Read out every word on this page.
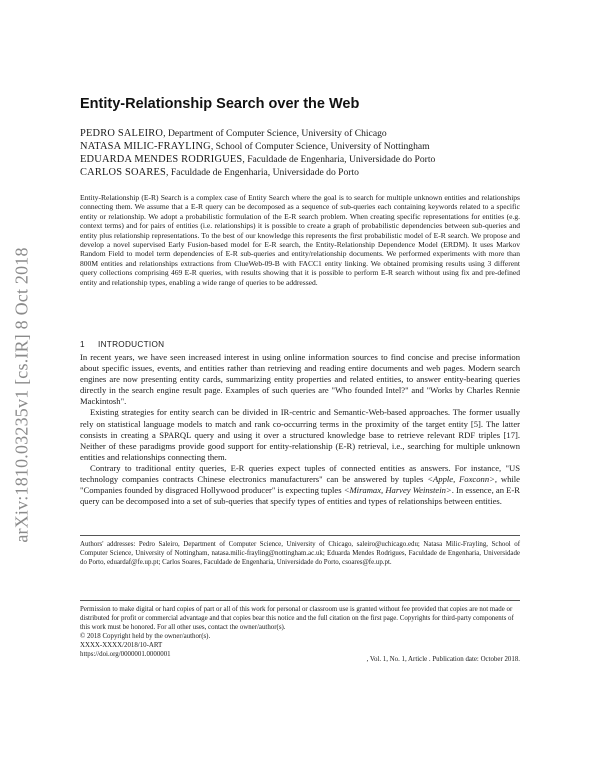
arXiv:1810.03235v1 [cs.IR] 8 Oct 2018
Entity-Relationship Search over the Web
PEDRO SALEIRO, Department of Computer Science, University of Chicago
NATASA MILIC-FRAYLING, School of Computer Science, University of Nottingham
EDUARDA MENDES RODRIGUES, Faculdade de Engenharia, Universidade do Porto
CARLOS SOARES, Faculdade de Engenharia, Universidade do Porto

Entity-Relationship (E-R) Search is a complex case of Entity Search where the goal is to search for multiple unknown entities and relationships connecting them. We assume that a E-R query can be decomposed as a sequence of sub-queries each containing keywords related to a specific entity or relationship. We adopt a probabilistic formulation of the E-R search problem. When creating specific representations for entities (e.g. context terms) and for pairs of entities (i.e. relationships) it is possible to create a graph of probabilistic dependencies between sub-queries and entity plus relationship representations. To the best of our knowledge this represents the first probabilistic model of E-R search. We propose and develop a novel supervised Early Fusion-based model for E-R search, the Entity-Relationship Dependence Model (ERDM). It uses Markov Random Field to model term dependencies of E-R sub-queries and entity/relationship documents. We performed experiments with more than 800M entities and relationships extractions from ClueWeb-09-B with FACC1 entity linking. We obtained promising results using 3 different query collections comprising 469 E-R queries, with results showing that it is possible to perform E-R search without using fix and pre-defined entity and relationship types, enabling a wide range of queries to be addressed.

1 INTRODUCTION

In recent years, we have seen increased interest in using online information sources to find concise and precise information about specific issues, events, and entities rather than retrieving and reading entire documents and web pages. Modern search engines are now presenting entity cards, summarizing entity properties and related entities, to answer entity-bearing queries directly in the search engine result page. Examples of such queries are "Who founded Intel?" and "Works by Charles Rennie Mackintosh".

Existing strategies for entity search can be divided in IR-centric and Semantic-Web-based approaches. The former usually rely on statistical language models to match and rank co-occurring terms in the proximity of the target entity [5]. The latter consists in creating a SPARQL query and using it over a structured knowledge base to retrieve relevant RDF triples [17]. Neither of these paradigms provide good support for entity-relationship (E-R) retrieval, i.e., searching for multiple unknown entities and relationships connecting them.

Contrary to traditional entity queries, E-R queries expect tuples of connected entities as answers. For instance, "US technology companies contracts Chinese electronics manufacturers" can be answered by tuples <Apple, Foxconn>, while "Companies founded by disgraced Hollywood producer" is expecting tuples <Miramax, Harvey Weinstein>. In essence, an E-R query can be decomposed into a set of sub-queries that specify types of entities and types of relationships between entities.

Authors' addresses: Pedro Saleiro, Department of Computer Science, University of Chicago, saleiro@uchicago.edu; Natasa Milic-Frayling, School of Computer Science, University of Nottingham, natasa.milic-frayling@nottingham.ac.uk; Eduarda Mendes Rodrigues, Faculdade de Engenharia, Universidade do Porto, eduardaf@fe.up.pt; Carlos Soares, Faculdade de Engenharia, Universidade do Porto, csoares@fe.up.pt.

Permission to make digital or hard copies of part or all of this work for personal or classroom use is granted without fee provided that copies are not made or distributed for profit or commercial advantage and that copies bear this notice and the full citation on the first page. Copyrights for third-party components of this work must be honored. For all other uses, contact the owner/author(s).

© 2018 Copyright held by the owner/author(s).

XXXX-XXXX/2018/10-ART

https://doi.org/0000001.0000001

, Vol. 1, No. 1, Article . Publication date: October 2018.
